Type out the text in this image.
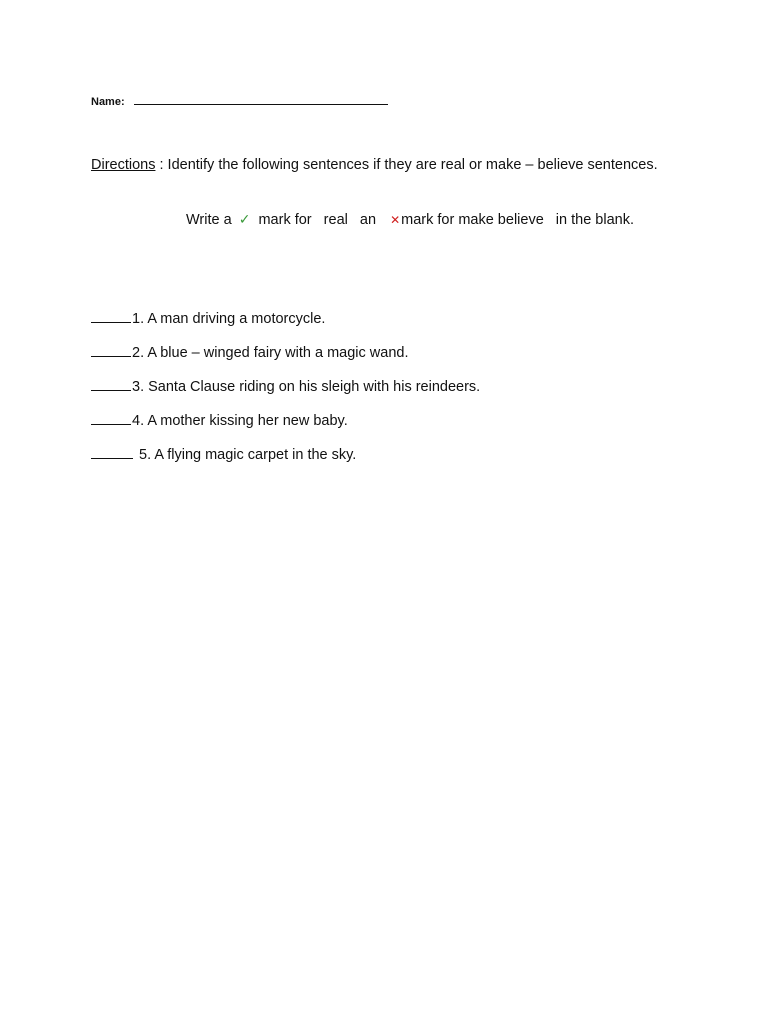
Name:
Directions : Identify the following sentences if they are real or make – believe sentences.
Write a ✓ mark for real an ✕mark for make believe in the blank.
1. A man driving a motorcycle.
2. A blue – winged fairy with a magic wand.
3. Santa Clause riding on his sleigh with his reindeers.
4. A mother kissing her new baby.
5. A flying magic carpet in the sky.
